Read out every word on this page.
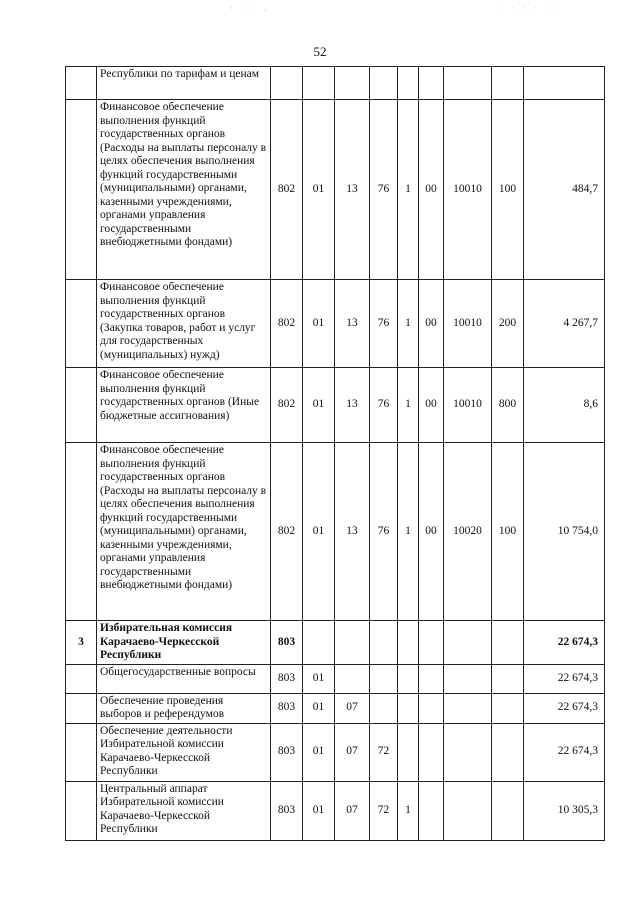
· · · .	· · · · · ·
52
	Республики по тарифам и ценам									
	Финансовое обеспечение выполнения функций государственных органов (Расходы на выплаты персоналу в целях обеспечения выполнения функций государственными (муниципальными) органами, казенными учреждениями, органами управления государственными внебюджетными фондами)	802	01	13	76	1	00	10010	100	484,7
	Финансовое обеспечение выполнения функций государственных органов (Закупка товаров, работ и услуг для государственных (муниципальных) нужд)	802	01	13	76	1	00	10010	200	4 267,7
	Финансовое обеспечение выполнения функций государственных органов (Иные бюджетные ассигнования)	802	01	13	76	1	00	10010	800	8,6
	Финансовое обеспечение выполнения функций государственных органов (Расходы на выплаты персоналу в целях обеспечения выполнения функций государственными (муниципальными) органами, казенными учреждениями, органами управления государственными внебюджетными фондами)	802	01	13	76	1	00	10020	100	10 754,0
3	Избирательная комиссия Карачаево-Черкесской Республики	803								22 674,3
	Общегосударственные вопросы	803	01							22 674,3
	Обеспечение проведения выборов и референдумов	803	01	07						22 674,3
	Обеспечение деятельности Избирательной комиссии Карачаево-Черкесской Республики	803	01	07	72					22 674,3
	Центральный аппарат Избирательной комиссии Карачаево-Черкесской Республики	803	01	07	72	1				10 305,3
